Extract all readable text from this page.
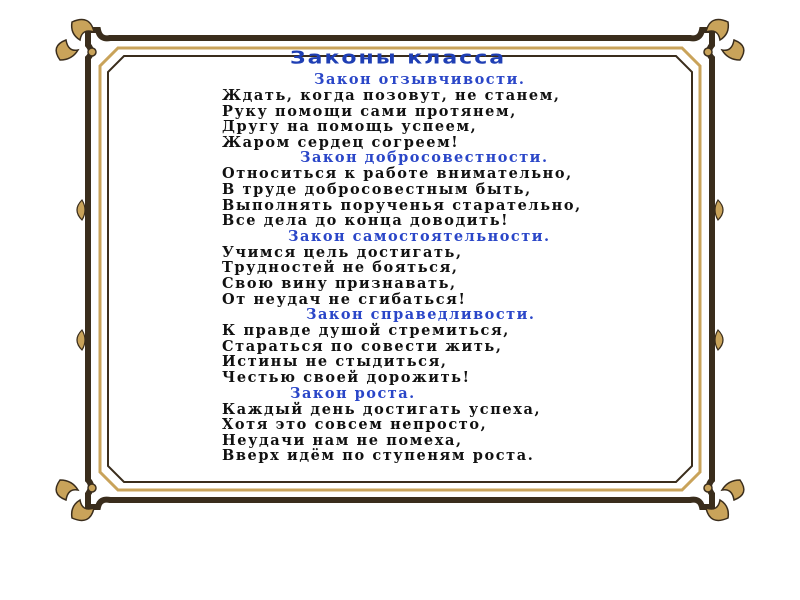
Законы класса
Закон отзывчивости.
Ждать, когда позовут, не станем,
Руку помощи сами протянем,
Другу на помощь успеем,
Жаром сердец согреем!
Закон добросовестности.
Относиться к работе внимательно,
В труде добросовестным быть,
Выполнять порученья старательно,
Все дела до конца доводить!
Закон самостоятельности.
Учимся цель достигать,
Трудностей не бояться,
Свою вину признавать,
От неудач не сгибаться!
Закон справедливости.
К правде душой стремиться,
Стараться по совести жить,
Истины не стыдиться,
Честью своей дорожить!
Закон роста.
Каждый день достигать успеха,
Хотя это совсем непросто,
Неудачи нам не помеха,
Вверх идём по ступеням роста.
